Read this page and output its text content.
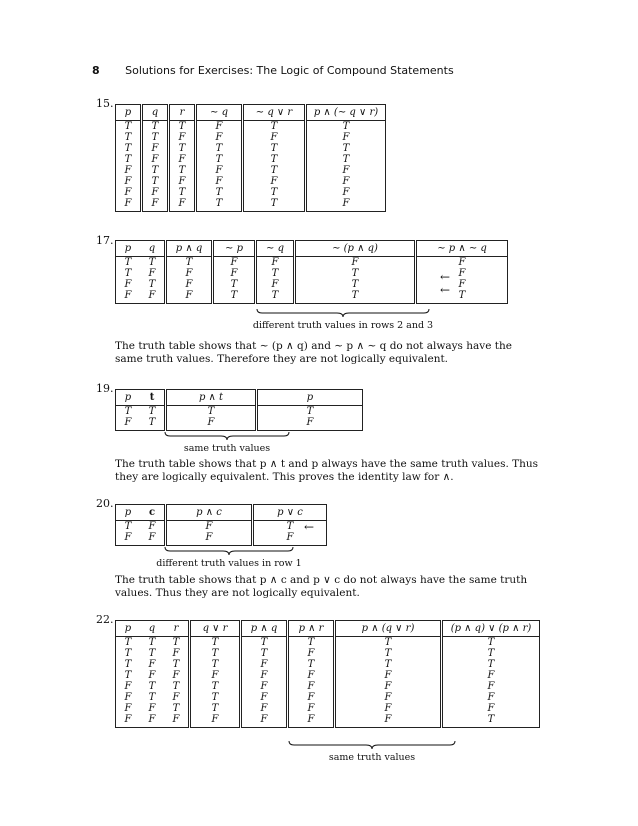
8 Solutions for Exercises: The Logic of Compound Statements
15.
p	q	r	∼ q	∼ q ∨ r	p ∧ (∼ q ∨ r)
T	T	T	F	T	T
T	T	F	F	F	F
T	F	T	T	T	T
T	F	F	T	T	T
F	T	T	F	T	F
F	T	F	F	F	F
F	F	T	T	T	F
F	F	F	T	T	F
17.
p	q	p ∧ q	∼ p	∼ q	∼ (p ∧ q)	∼ p ∧ ∼ q
T	T	T	F	F	F	F
T	F	F	F	T	T	F
F	T	F	T	F	T	F
F	F	F	T	T	T	T
←
←
different truth values in rows 2 and 3
The truth table shows that ∼ (p ∧ q) and ∼ p ∧ ∼ q do not always have the same truth values. Therefore they are not logically equivalent.
19.
p	t	p ∧ t	p
T	T	T	T
F	T	F	F
same truth values
The truth table shows that p ∧ t and p always have the same truth values. Thus they are logically equivalent. This proves the identity law for ∧.
20.
p	c	p ∧ c	p ∨ c
T	F	F	T
F	F	F	F
←
different truth values in row 1
The truth table shows that p ∧ c and p ∨ c do not always have the same truth values. Thus they are not logically equivalent.
22.
p	q	r	q ∨ r	p ∧ q	p ∧ r	p ∧ (q ∨ r)	(p ∧ q) ∨ (p ∧ r)
T	T	T	T	T	T	T	T
T	T	F	T	T	F	T	T
T	F	T	T	F	T	T	T
T	F	F	F	F	F	F	F
F	T	T	T	F	F	F	F
F	T	F	T	F	F	F	F
F	F	T	T	F	F	F	F
F	F	F	F	F	F	F	T
same truth values
